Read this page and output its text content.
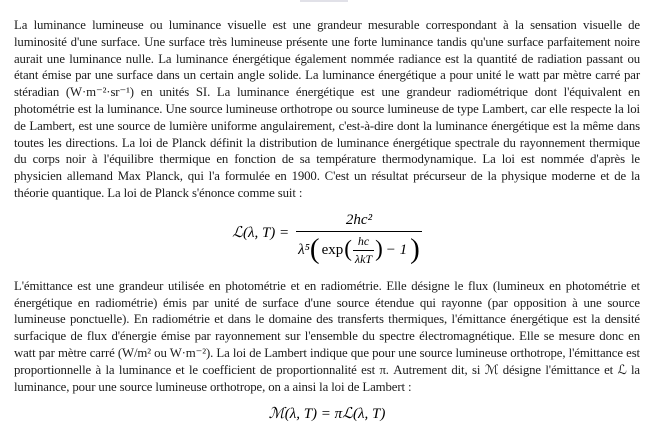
La luminance lumineuse ou luminance visuelle est une grandeur mesurable correspondant à la sensation visuelle de luminosité d'une surface. Une surface très lumineuse présente une forte luminance tandis qu'une surface parfaitement noire aurait une luminance nulle. La luminance énergétique également nommée radiance est la quantité de radiation passant ou étant émise par une surface dans un certain angle solide. La luminance énergétique a pour unité le watt par mètre carré par stéradian (W·m⁻²·sr⁻¹) en unités SI. La luminance énergétique est une grandeur radiométrique dont l'équivalent en photométrie est la luminance. Une source lumineuse orthotrope ou source lumineuse de type Lambert, car elle respecte la loi de Lambert, est une source de lumière uniforme angulairement, c'est-à-dire dont la luminance énergétique est la même dans toutes les directions. La loi de Planck définit la distribution de luminance énergétique spectrale du rayonnement thermique du corps noir à l'équilibre thermique en fonction de sa température thermodynamique. La loi est nommée d'après le physicien allemand Max Planck, qui l'a formulée en 1900. C'est un résultat précurseur de la physique moderne et de la théorie quantique. La loi de Planck s'énonce comme suit :

ℒ(λ, T) =
2hc²
λ⁵ ( exp ( $\frac{hc}{\text{λkT}}$ ) − 1 )

L'émittance est une grandeur utilisée en photométrie et en radiométrie. Elle désigne le flux (lumineux en photométrie et énergétique en radiométrie) émis par unité de surface d'une source étendue qui rayonne (par opposition à une source lumineuse ponctuelle). En radiométrie et dans le domaine des transferts thermiques, l'émittance énergétique est la densité surfacique de flux d'énergie émise par rayonnement sur l'ensemble du spectre électromagnétique. Elle se mesure donc en watt par mètre carré (W/m² ou W·m⁻²). La loi de Lambert indique que pour une source lumineuse orthotrope, l'émittance est proportionnelle à la luminance et le coefficient de proportionnalité est π. Autrement dit, si ℳ désigne l'émittance et ℒ la luminance, pour une source lumineuse orthotrope, on a ainsi la loi de Lambert :

ℳ(λ, T) = πℒ(λ, T)
